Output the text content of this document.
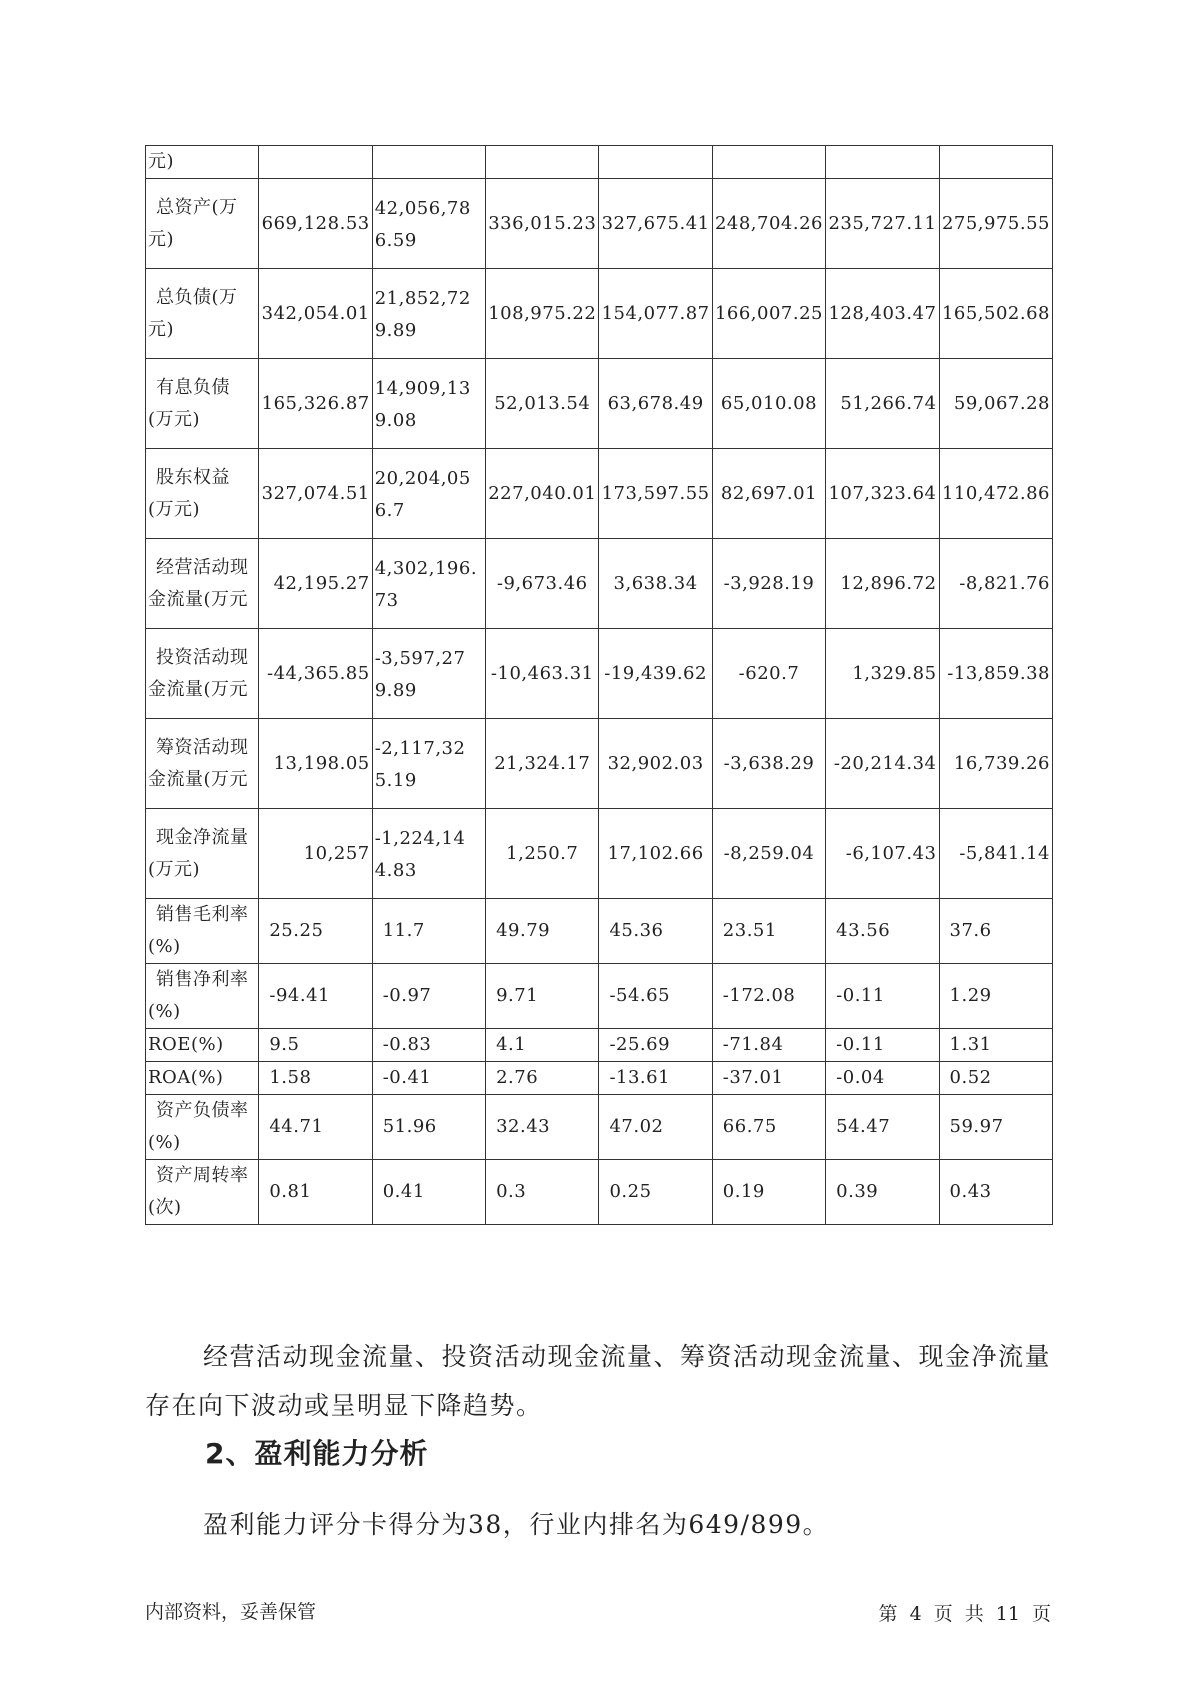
元)							

总资产(万
元)	669,128.53	42,056,786.59	336,015.23	327,675.41	248,704.26	235,727.11	275,975.55

总负债(万
元)	342,054.01	21,852,729.89	108,975.22	154,077.87	166,007.25	128,403.47	165,502.68

有息负债
(万元)	165,326.87	14,909,139.08	52,013.54	63,678.49	65,010.08	51,266.74	59,067.28

股东权益
(万元)	327,074.51	20,204,056.7	227,040.01	173,597.55	82,697.01	107,323.64	110,472.86

经营活动现
金流量(万元	42,195.27	4,302,196.73	-9,673.46	3,638.34	-3,928.19	12,896.72	-8,821.76

投资活动现
金流量(万元	-44,365.85	-3,597,279.89	-10,463.31	-19,439.62	-620.7	1,329.85	-13,859.38

筹资活动现
金流量(万元	13,198.05	-2,117,325.19	21,324.17	32,902.03	-3,638.29	-20,214.34	16,739.26

现金净流量
(万元)	10,257	-1,224,144.83	1,250.7	17,102.66	-8,259.04	-6,107.43	-5,841.14

销售毛利率
(%)	25.25	11.7	49.79	45.36	23.51	43.56	37.6

销售净利率
(%)	-94.41	-0.97	9.71	-54.65	-172.08	-0.11	1.29

ROE(%)	9.5	-0.83	4.1	-25.69	-71.84	-0.11	1.31

ROA(%)	1.58	-0.41	2.76	-13.61	-37.01	-0.04	0.52

资产负债率
(%)	44.71	51.96	32.43	47.02	66.75	54.47	59.97

资产周转率
(次)	0.81	0.41	0.3	0.25	0.19	0.39	0.43

经营活动现金流量、投资活动现金流量、筹资活动现金流量、现金净流量存在向下波动或呈明显下降趋势。

2、盈利能力分析

盈利能力评分卡得分为38，行业内排名为649/899。

内部资料，妥善保管	第 4 页 共 11 页
